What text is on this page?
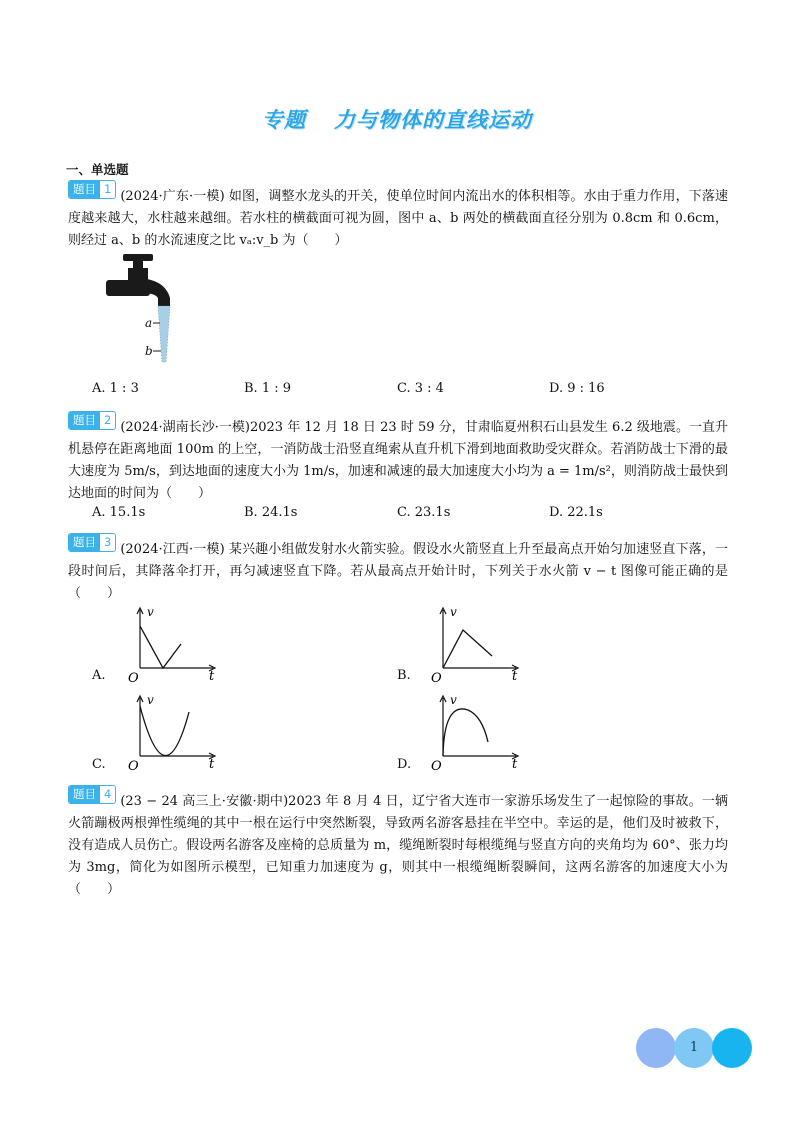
专题 力与物体的直线运动
一、单选题
题目 1 (2024·广东·一模) 如图，调整水龙头的开关，使单位时间内流出水的体积相等。水由于重力作用，下落速度越来越大，水柱越来越细。若水柱的横截面可视为圆，图中 a、b 两处的横截面直径分别为 0.8cm 和 0.6cm，则经过 a、b 的水流速度之比 vₐ:v_b 为（　　）
a
b
A. 1 : 3	B. 1 : 9	C. 3 : 4	D. 9 : 16
题目 2 (2024·湖南长沙·一模)2023 年 12 月 18 日 23 时 59 分，甘肃临夏州积石山县发生 6.2 级地震。一直升机悬停在距离地面 100m 的上空，一消防战士沿竖直绳索从直升机下滑到地面救助受灾群众。若消防战士下滑的最大速度为 5m/s，到达地面的速度大小为 1m/s，加速和减速的最大加速度大小均为 a = 1m/s²，则消防战士最快到达地面的时间为（　　）
A. 15.1s	B. 24.1s	C. 23.1s	D. 22.1s
题目 3 (2024·江西·一模) 某兴趣小组做发射水火箭实验。假设水火箭竖直上升至最高点开始匀加速竖直下落，一段时间后，其降落伞打开，再匀减速竖直下降。若从最高点开始计时，下列关于水火箭 v − t 图像可能正确的是（　　）
A.
v
t
O	B.
v
t
O
C.
v
t
O	D.
v
t
O
题目 4 (23 − 24 高三上·安徽·期中)2023 年 8 月 4 日，辽宁省大连市一家游乐场发生了一起惊险的事故。一辆火箭蹦极两根弹性缆绳的其中一根在运行中突然断裂，导致两名游客悬挂在半空中。幸运的是，他们及时被救下，没有造成人员伤亡。假设两名游客及座椅的总质量为 m，缆绳断裂时每根缆绳与竖直方向的夹角均为 60°、张力均为 3mg，简化为如图所示模型，已知重力加速度为 g，则其中一根缆绳断裂瞬间，这两名游客的加速度大小为（　　）
1
